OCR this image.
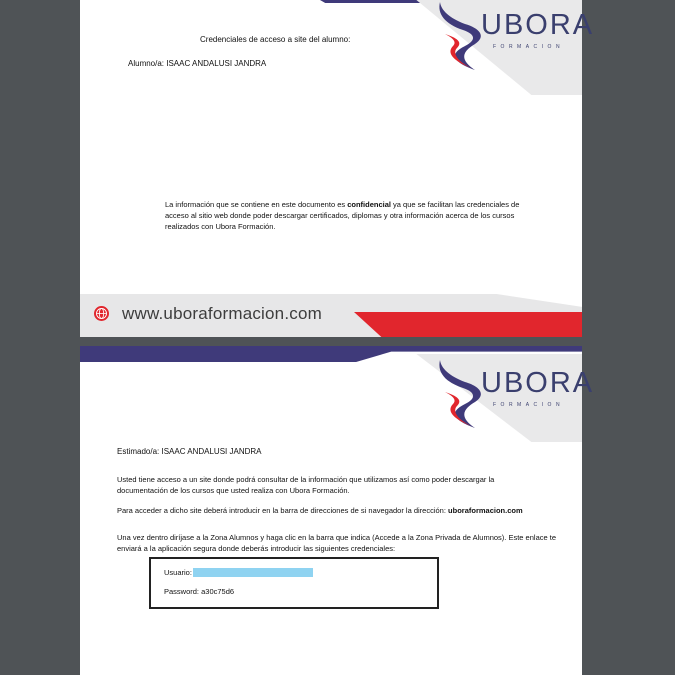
UBORA
FORMACION
Credenciales de acceso a site del alumno:
Alumno/a: ISAAC ANDALUSI JANDRA
La información que se contiene en este documento es confidencial ya que se facilitan las credenciales de acceso al sitio web donde poder descargar certificados, diplomas y otra información acerca de los cursos realizados con Ubora Formación.
www.uboraformacion.com
UBORA
FORMACION
Estimado/a: ISAAC ANDALUSI JANDRA
Usted tiene acceso a un site donde podrá consultar de la información que utilizamos así como poder descargar la documentación de los cursos que usted realiza con Ubora Formación.
Para acceder a dicho site deberá introducir en la barra de direcciones de si navegador la dirección: uboraformacion.com
Una vez dentro diríjase a la Zona Alumnos y haga clic en la barra que indica (Accede a la Zona Privada de Alumnos). Este enlace te enviará a la aplicación segura donde deberás introducir las siguientes credenciales:
Usuario:
Password: a30c75d6
